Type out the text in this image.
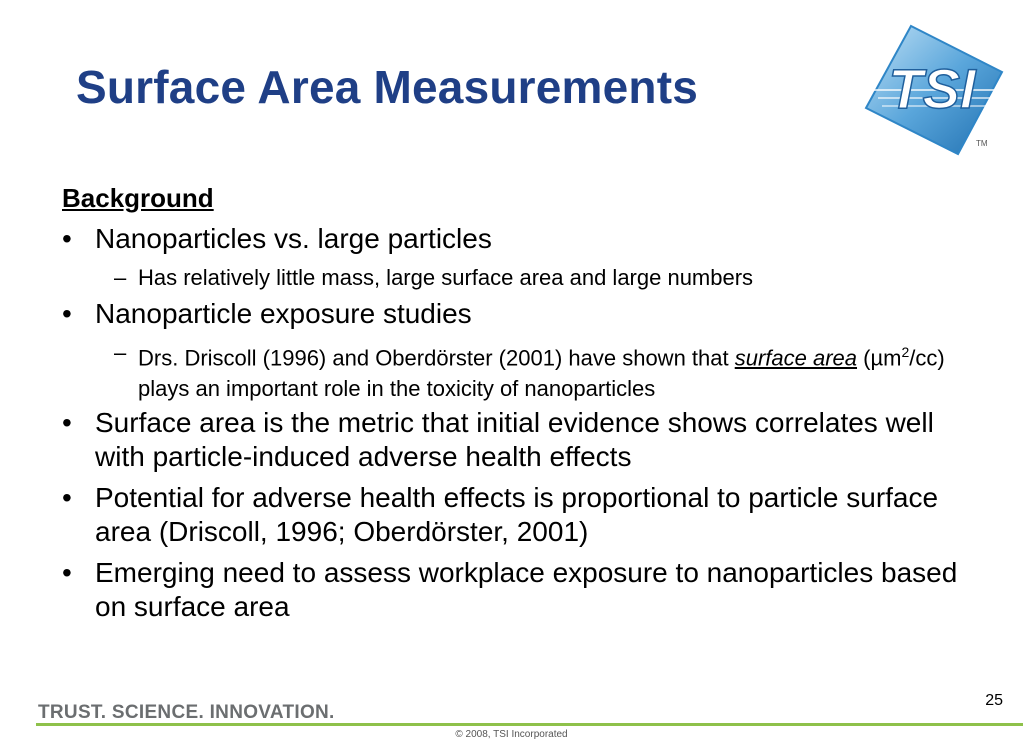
Surface Area Measurements	TSI
TM
Background
• Nanoparticles vs. large particles
– Has relatively little mass, large surface area and large numbers
• Nanoparticle exposure studies
– Drs. Driscoll (1996) and Oberdörster (2001) have shown that surface area (µm$^2$/cc) plays an important role in the toxicity of nanoparticles
• Surface area is the metric that initial evidence shows correlates well with particle-induced adverse health effects
• Potential for adverse health effects is proportional to particle surface area (Driscoll, 1996; Oberdörster, 2001)
• Emerging need to assess workplace exposure to nanoparticles based on surface area
25
TRUST. SCIENCE. INNOVATION.
© 2008, TSI Incorporated
